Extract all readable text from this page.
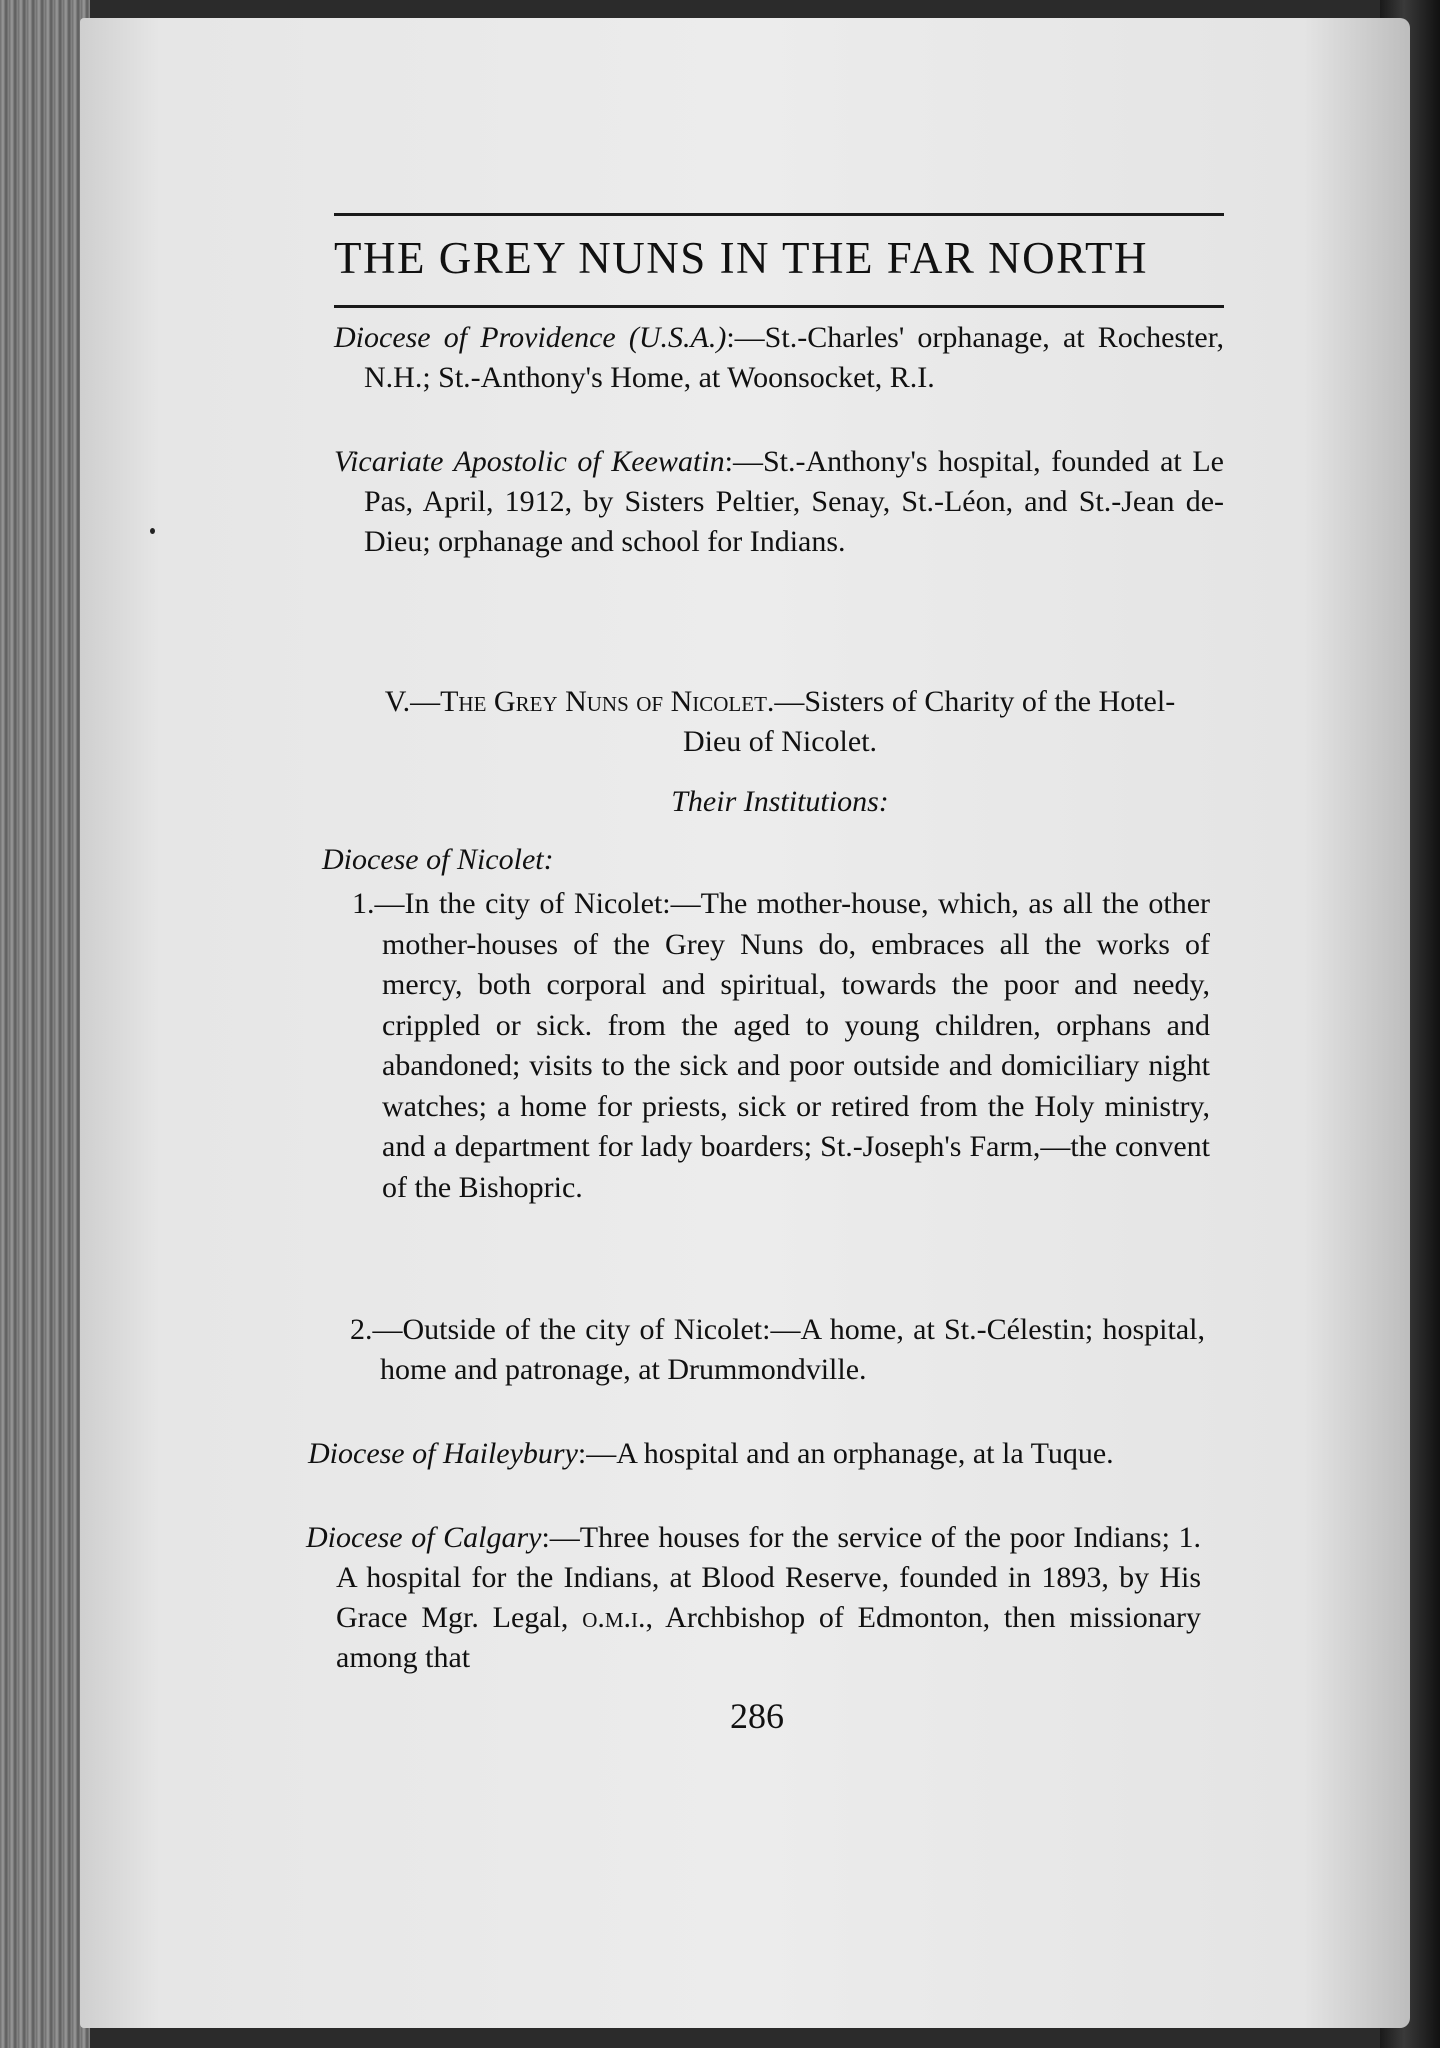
THE GREY NUNS IN THE FAR NORTH

Diocese of Providence (U.S.A.):—St.-Charles' orphanage, at Rochester, N.H.; St.-Anthony's Home, at Woonsocket, R.I.

Vicariate Apostolic of Keewatin:—St.-Anthony's hospital, founded at Le Pas, April, 1912, by Sisters Peltier, Senay, St.-Léon, and St.-Jean de-Dieu; orphanage and school for Indians.

V.—The Grey Nuns of Nicolet.—Sisters of Charity of the Hotel-Dieu of Nicolet.
Their Institutions:
Diocese of Nicolet:

1.—In the city of Nicolet:—The mother-house, which, as all the other mother-houses of the Grey Nuns do, embraces all the works of mercy, both corporal and spiritual, towards the poor and needy, crippled or sick. from the aged to young children, orphans and abandoned; visits to the sick and poor outside and domiciliary night watches; a home for priests, sick or retired from the Holy ministry, and a department for lady boarders; St.-Joseph's Farm,—the convent of the Bishopric.

2.—Outside of the city of Nicolet:—A home, at St.-Célestin; hospital, home and patronage, at Drummondville.

Diocese of Haileybury:—A hospital and an orphanage, at la Tuque.

Diocese of Calgary:—Three houses for the service of the poor Indians; 1. A hospital for the Indians, at Blood Reserve, founded in 1893, by His Grace Mgr. Legal, o.m.i., Archbishop of Edmonton, then missionary among that

286
